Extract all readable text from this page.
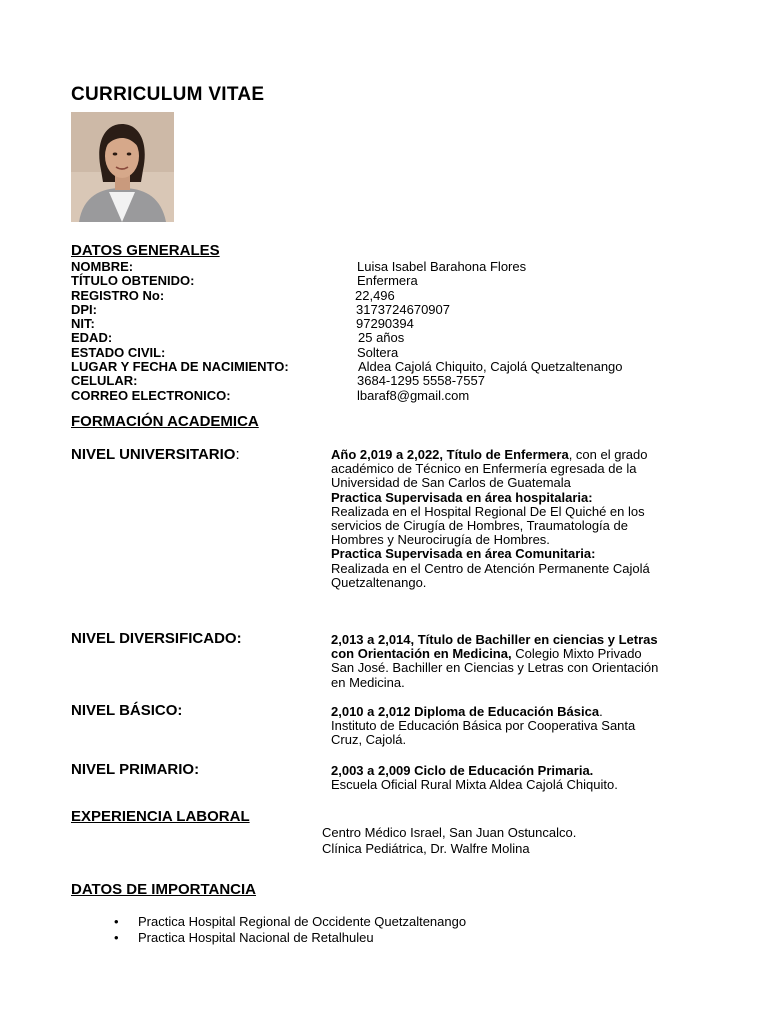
CURRICULUM VITAE
DATOS GENERALES
NOMBRE:	Luisa Isabel Barahona Flores
TÍTULO OBTENIDO:	Enfermera
REGISTRO No:	22,496
DPI:	3173724670907
NIT:	97290394
EDAD:	25 años
ESTADO CIVIL:	Soltera
LUGAR Y FECHA DE NACIMIENTO:	Aldea Cajolá Chiquito, Cajolá Quetzaltenango
CELULAR:	3684-1295 5558-7557
CORREO ELECTRONICO:	lbaraf8@gmail.com
FORMACIÓN ACADEMICA
NIVEL UNIVERSITARIO:	Año 2,019 a 2,022, Título de Enfermera, con el grado académico de Técnico en Enfermería egresada de la Universidad de San Carlos de Guatemala

Practica Supervisada en área hospitalaria:

Realizada en el Hospital Regional De El Quiché en los servicios de Cirugía de Hombres, Traumatología de Hombres y Neurocirugía de Hombres.

Practica Supervisada en área Comunitaria:

Realizada en el Centro de Atención Permanente Cajolá Quetzaltenango.

NIVEL DIVERSIFICADO:	2,013 a 2,014, Título de Bachiller en ciencias y Letras con Orientación en Medicina, Colegio Mixto Privado San José. Bachiller en Ciencias y Letras con Orientación en Medicina.

NIVEL BÁSICO:	2,010 a 2,012 Diploma de Educación Básica.

Instituto de Educación Básica por Cooperativa Santa Cruz, Cajolá.

NIVEL PRIMARIO:	2,003 a 2,009 Ciclo de Educación Primaria.

Escuela Oficial Rural Mixta Aldea Cajolá Chiquito.

EXPERIENCIA LABORAL
Centro Médico Israel, San Juan Ostuncalco.
Clínica Pediátrica, Dr. Walfre Molina
DATOS DE IMPORTANCIA
• Practica Hospital Regional de Occidente Quetzaltenango
• Practica Hospital Nacional de Retalhuleu
